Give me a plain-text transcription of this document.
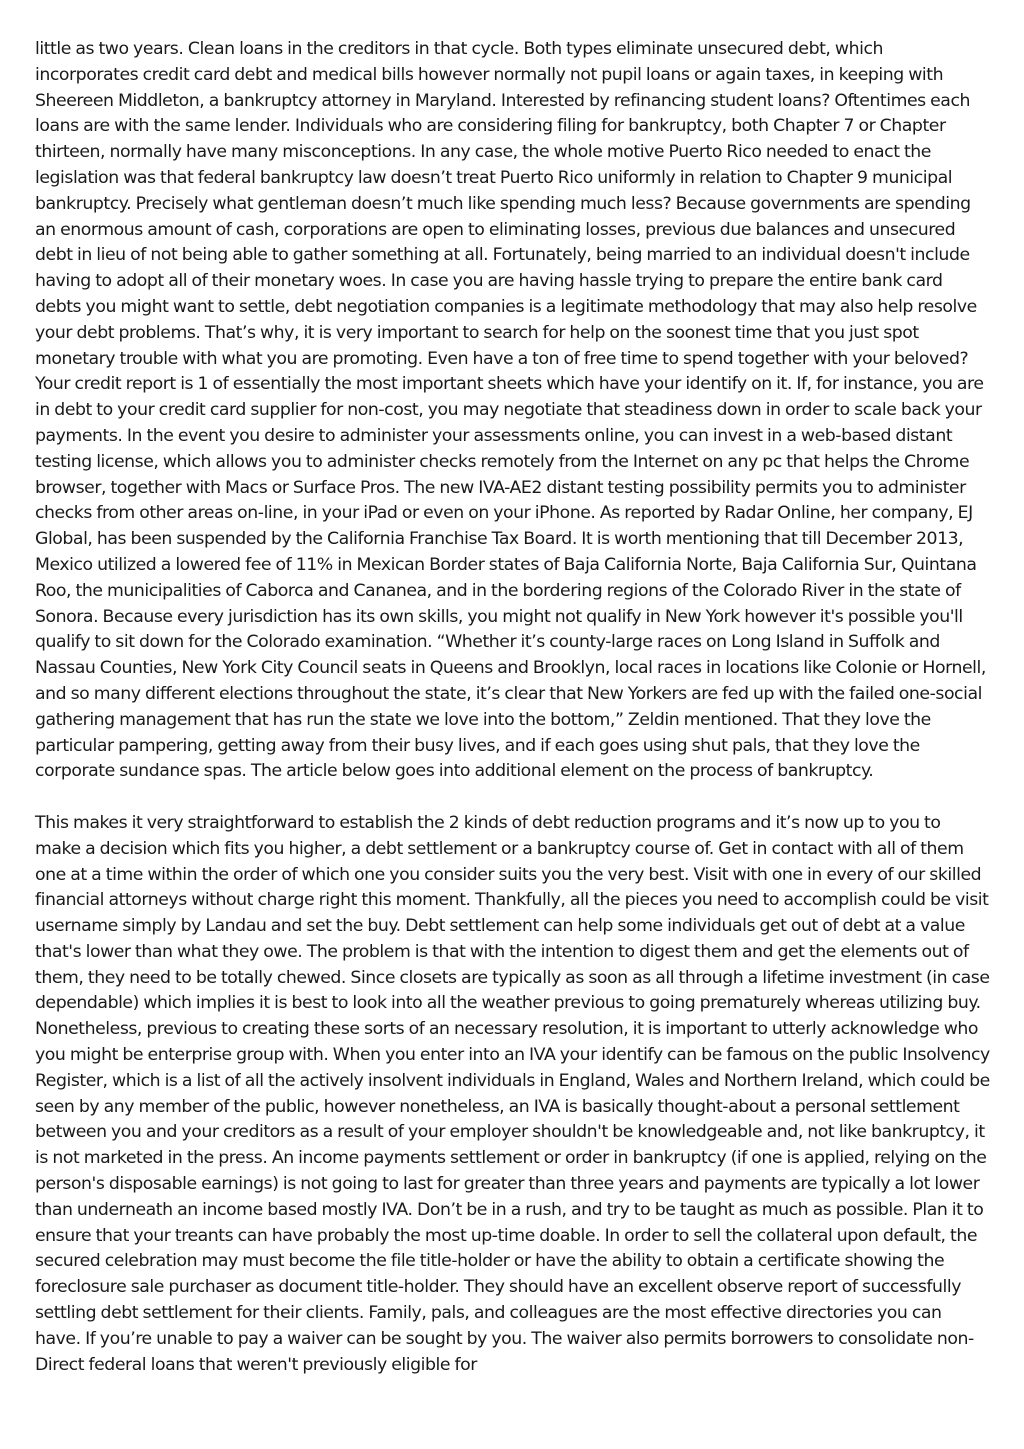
little as two years. Clean loans in the creditors in that cycle. Both types eliminate unsecured debt, which incorporates credit card debt and medical bills however normally not pupil loans or again taxes, in keeping with Sheereen Middleton, a bankruptcy attorney in Maryland. Interested by refinancing student loans? Oftentimes each loans are with the same lender. Individuals who are considering filing for bankruptcy, both Chapter 7 or Chapter thirteen, normally have many misconceptions. In any case, the whole motive Puerto Rico needed to enact the legislation was that federal bankruptcy law doesn’t treat Puerto Rico uniformly in relation to Chapter 9 municipal bankruptcy. Precisely what gentleman doesn’t much like spending much less? Because governments are spending an enormous amount of cash, corporations are open to eliminating losses, previous due balances and unsecured debt in lieu of not being able to gather something at all. Fortunately, being married to an individual doesn't include having to adopt all of their monetary woes. In case you are having hassle trying to prepare the entire bank card debts you might want to settle, debt negotiation companies is a legitimate methodology that may also help resolve your debt problems. That’s why, it is very important to search for help on the soonest time that you just spot monetary trouble with what you are promoting. Even have a ton of free time to spend together with your beloved? Your credit report is 1 of essentially the most important sheets which have your identify on it. If, for instance, you are in debt to your credit card supplier for non-cost, you may negotiate that steadiness down in order to scale back your payments. In the event you desire to administer your assessments online, you can invest in a web-based distant testing license, which allows you to administer checks remotely from the Internet on any pc that helps the Chrome browser, together with Macs or Surface Pros. The new IVA-AE2 distant testing possibility permits you to administer checks from other areas on-line, in your iPad or even on your iPhone. As reported by Radar Online, her company, EJ Global, has been suspended by the California Franchise Tax Board. It is worth mentioning that till December 2013, Mexico utilized a lowered fee of 11% in Mexican Border states of Baja California Norte, Baja California Sur, Quintana Roo, the municipalities of Caborca and Cananea, and in the bordering regions of the Colorado River in the state of Sonora. Because every jurisdiction has its own skills, you might not qualify in New York however it's possible you'll qualify to sit down for the Colorado examination. “Whether it’s county-large races on Long Island in Suffolk and Nassau Counties, New York City Council seats in Queens and Brooklyn, local races in locations like Colonie or Hornell, and so many different elections throughout the state, it’s clear that New Yorkers are fed up with the failed one-social gathering management that has run the state we love into the bottom,” Zeldin mentioned. That they love the particular pampering, getting away from their busy lives, and if each goes using shut pals, that they love the corporate sundance spas. The article below goes into additional element on the process of bankruptcy.

This makes it very straightforward to establish the 2 kinds of debt reduction programs and it’s now up to you to make a decision which fits you higher, a debt settlement or a bankruptcy course of. Get in contact with all of them one at a time within the order of which one you consider suits you the very best. Visit with one in every of our skilled financial attorneys without charge right this moment. Thankfully, all the pieces you need to accomplish could be visit username simply by Landau and set the buy. Debt settlement can help some individuals get out of debt at a value that's lower than what they owe. The problem is that with the intention to digest them and get the elements out of them, they need to be totally chewed. Since closets are typically as soon as all through a lifetime investment (in case dependable) which implies it is best to look into all the weather previous to going prematurely whereas utilizing buy. Nonetheless, previous to creating these sorts of an necessary resolution, it is important to utterly acknowledge who you might be enterprise group with. When you enter into an IVA your identify can be famous on the public Insolvency Register, which is a list of all the actively insolvent individuals in England, Wales and Northern Ireland, which could be seen by any member of the public, however nonetheless, an IVA is basically thought-about a personal settlement between you and your creditors as a result of your employer shouldn't be knowledgeable and, not like bankruptcy, it is not marketed in the press. An income payments settlement or order in bankruptcy (if one is applied, relying on the person's disposable earnings) is not going to last for greater than three years and payments are typically a lot lower than underneath an income based mostly IVA. Don’t be in a rush, and try to be taught as much as possible. Plan it to ensure that your treants can have probably the most up-time doable. In order to sell the collateral upon default, the secured celebration may must become the file title-holder or have the ability to obtain a certificate showing the foreclosure sale purchaser as document title-holder. They should have an excellent observe report of successfully settling debt settlement for their clients. Family, pals, and colleagues are the most effective directories you can have. If you’re unable to pay a waiver can be sought by you. The waiver also permits borrowers to consolidate non-Direct federal loans that weren't previously eligible for
